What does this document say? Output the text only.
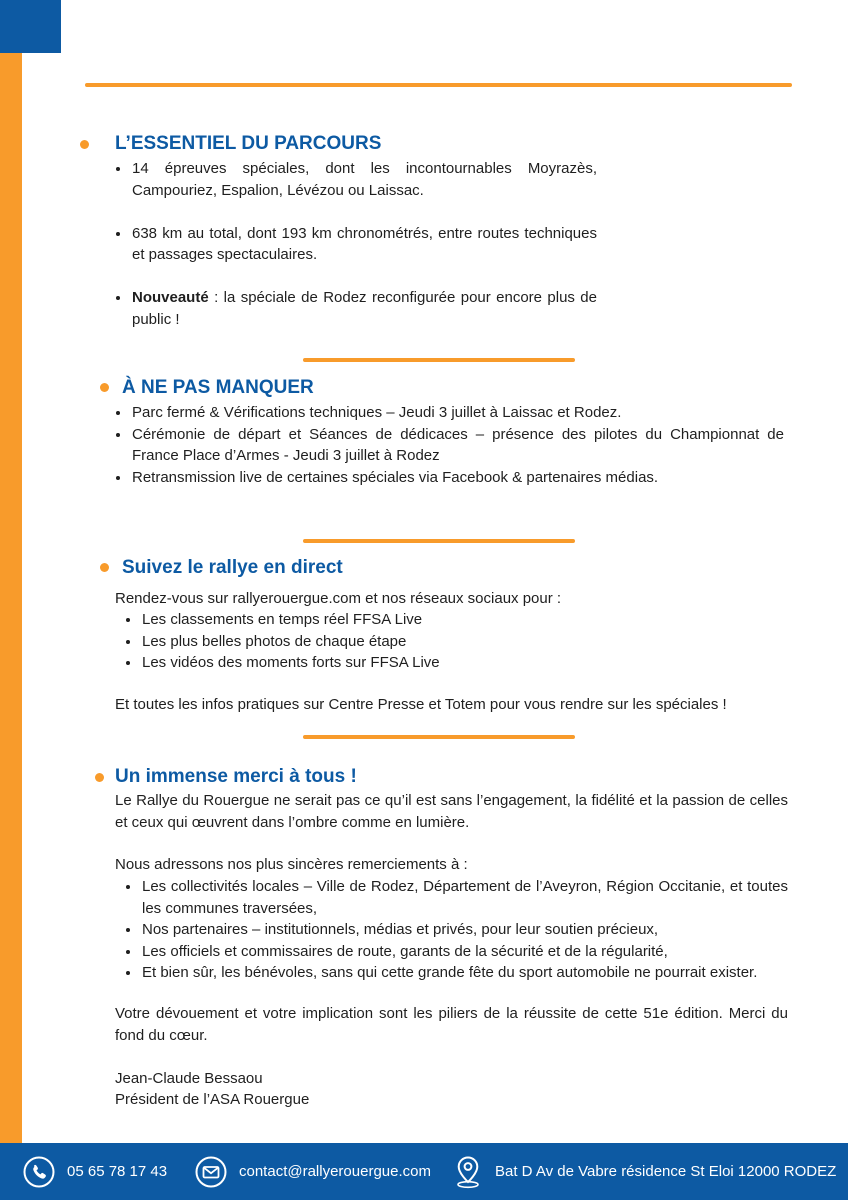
L’ESSENTIEL DU PARCOURS
14 épreuves spéciales, dont les incontournables Moyrazès, Campouriez, Espalion, Lévézou ou Laissac.
638 km au total, dont 193 km chronométrés, entre routes techniques et passages spectaculaires.
Nouveauté : la spéciale de Rodez reconfigurée pour encore plus de public !
À NE PAS MANQUER
Parc fermé & Vérifications techniques – Jeudi 3 juillet à Laissac et Rodez.
Cérémonie de départ et Séances de dédicaces – présence des pilotes du Championnat de France Place d’Armes - Jeudi 3 juillet à Rodez
Retransmission live de certaines spéciales via Facebook & partenaires médias.
Suivez le rallye en direct

Rendez-vous sur rallyerouergue.com et nos réseaux sociaux pour :

Les classements en temps réel FFSA Live
Les plus belles photos de chaque étape
Les vidéos des moments forts sur FFSA Live

Et toutes les infos pratiques sur Centre Presse et Totem pour vous rendre sur les spéciales !

Un immense merci à tous !

Le Rallye du Rouergue ne serait pas ce qu’il est sans l’engagement, la fidélité et la passion de celles et ceux qui œuvrent dans l’ombre comme en lumière.

Nous adressons nos plus sincères remerciements à :

Les collectivités locales – Ville de Rodez, Département de l’Aveyron, Région Occitanie, et toutes les communes traversées,
Nos partenaires – institutionnels, médias et privés, pour leur soutien précieux,
Les officiels et commissaires de route, garants de la sécurité et de la régularité,
Et bien sûr, les bénévoles, sans qui cette grande fête du sport automobile ne pourrait exister.

Votre dévouement et votre implication sont les piliers de la réussite de cette 51e édition. Merci du fond du cœur.

Jean-Claude Bessaou

Président de l’ASA Rouergue

05 65 78 17 43	contact@rallyerouergue.com	Bat D Av de Vabre résidence St Eloi 12000 RODEZ
